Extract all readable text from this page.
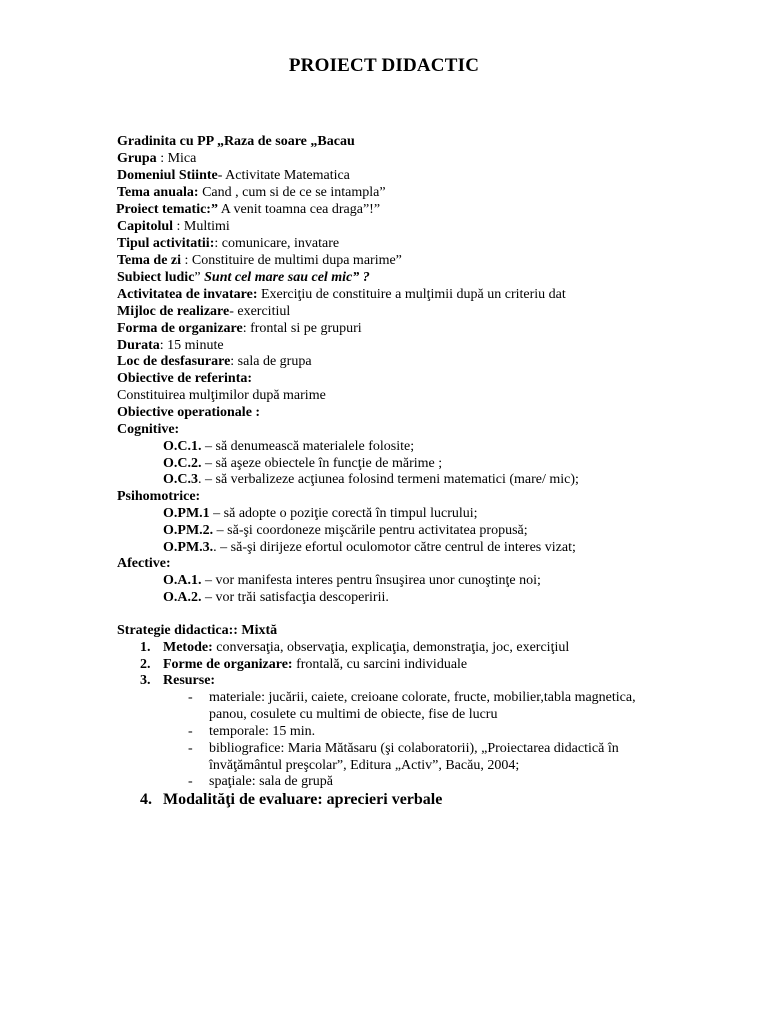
PROIECT DIDACTIC
Gradinita cu PP „Raza de soare „Bacau
Grupa : Mica
Domeniul Stiinte- Activitate Matematica
Tema anuala: Cand , cum si de ce se intampla”
Proiect tematic:” A venit toamna cea draga”!”
Capitolul : Multimi
Tipul activitatii:: comunicare, invatare
Tema de zi : Constituire de multimi dupa marime”
Subiect ludic” Sunt cel mare sau cel mic” ?
Activitatea de invatare: Exerciţiu de constituire a mulţimii după un criteriu dat
Mijloc de realizare- exercitiul
Forma de organizare: frontal si pe grupuri
Durata: 15 minute
Loc de desfasurare: sala de grupa
Obiective de referinta:
Constituirea mulţimilor după marime
Obiective operationale :
Cognitive:
O.C.1. – să denumească materialele folosite;
O.C.2. – să aşeze obiectele în funcţie de mărime ;
O.C.3. – să verbalizeze acţiunea folosind termeni matematici (mare/ mic);
Psihomotrice:
O.PM.1 – să adopte o poziţie corectă în timpul lucrului;
O.PM.2. – să-şi coordoneze mişcările pentru activitatea propusă;
O.PM.3.. – să-şi dirijeze efortul oculomotor către centrul de interes vizat;
Afective:
O.A.1. – vor manifesta interes pentru însuşirea unor cunoştinţe noi;
O.A.2. – vor trăi satisfacţia descoperirii.
Strategie didactica:: Mixtă
1. Metode: conversaţia, observaţia, explicaţia, demonstraţia, joc, exerciţiul
2. Forme de organizare: frontală, cu sarcini individuale
3. Resurse:
- materiale: jucării, caiete, creioane colorate, fructe, mobilier,tabla magnetica,
panou, cosulete cu multimi de obiecte, fise de lucru
- temporale: 15 min.
- bibliografice: Maria Mătăsaru (şi colaboratorii), „Proiectarea didactică în
învăţământul preşcolar”, Editura „Activ”, Bacău, 2004;
- spaţiale: sala de grupă
4. Modalităţi de evaluare: aprecieri verbale
